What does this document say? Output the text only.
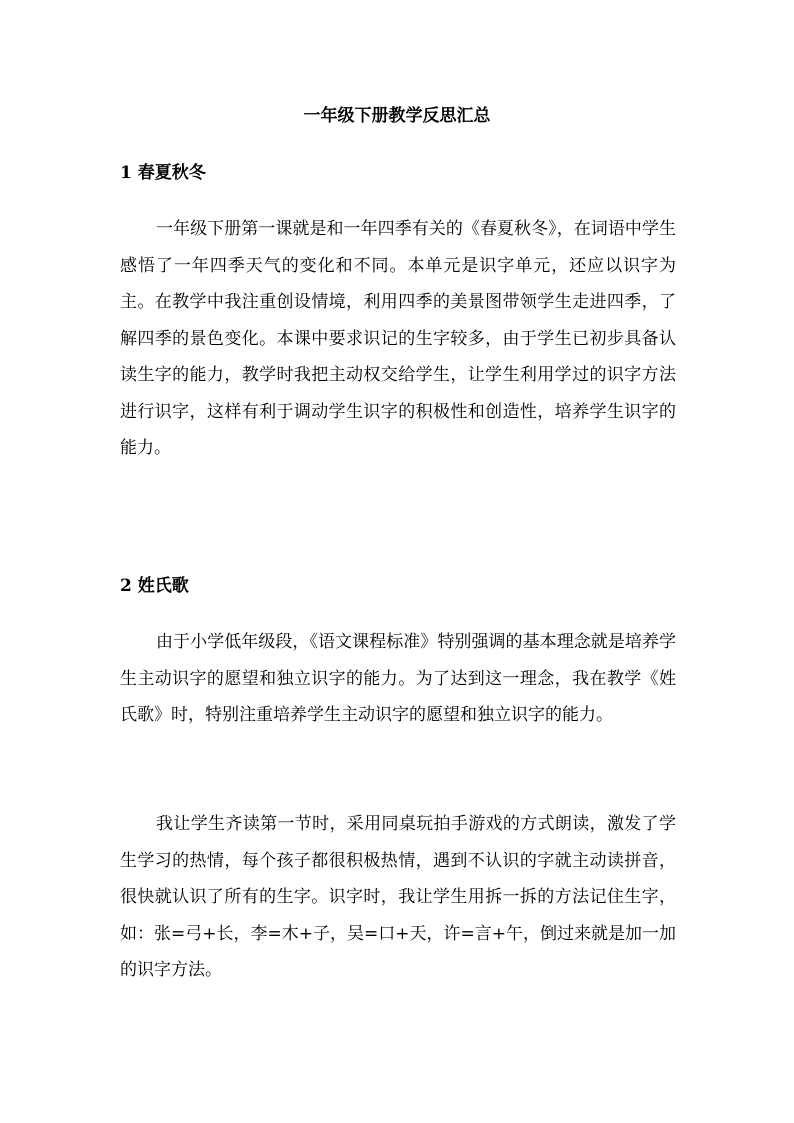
一年级下册教学反思汇总
1 春夏秋冬

一年级下册第一课就是和一年四季有关的《春夏秋冬》，在词语中学生感悟了一年四季天气的变化和不同。本单元是识字单元，还应以识字为主。在教学中我注重创设情境，利用四季的美景图带领学生走进四季，了解四季的景色变化。本课中要求识记的生字较多，由于学生已初步具备认读生字的能力，教学时我把主动权交给学生，让学生利用学过的识字方法进行识字，这样有利于调动学生识字的积极性和创造性，培养学生识字的能力。

2 姓氏歌

由于小学低年级段，《语文课程标准》特别强调的基本理念就是培养学生主动识字的愿望和独立识字的能力。为了达到这一理念，我在教学《姓氏歌》时，特别注重培养学生主动识字的愿望和独立识字的能力。

我让学生齐读第一节时，采用同桌玩拍手游戏的方式朗读，激发了学生学习的热情，每个孩子都很积极热情，遇到不认识的字就主动读拼音，很快就认识了所有的生字。识字时，我让学生用拆一拆的方法记住生字，如：张=弓+长，李=木+子，吴=口+天，许=言+午，倒过来就是加一加的识字方法。
